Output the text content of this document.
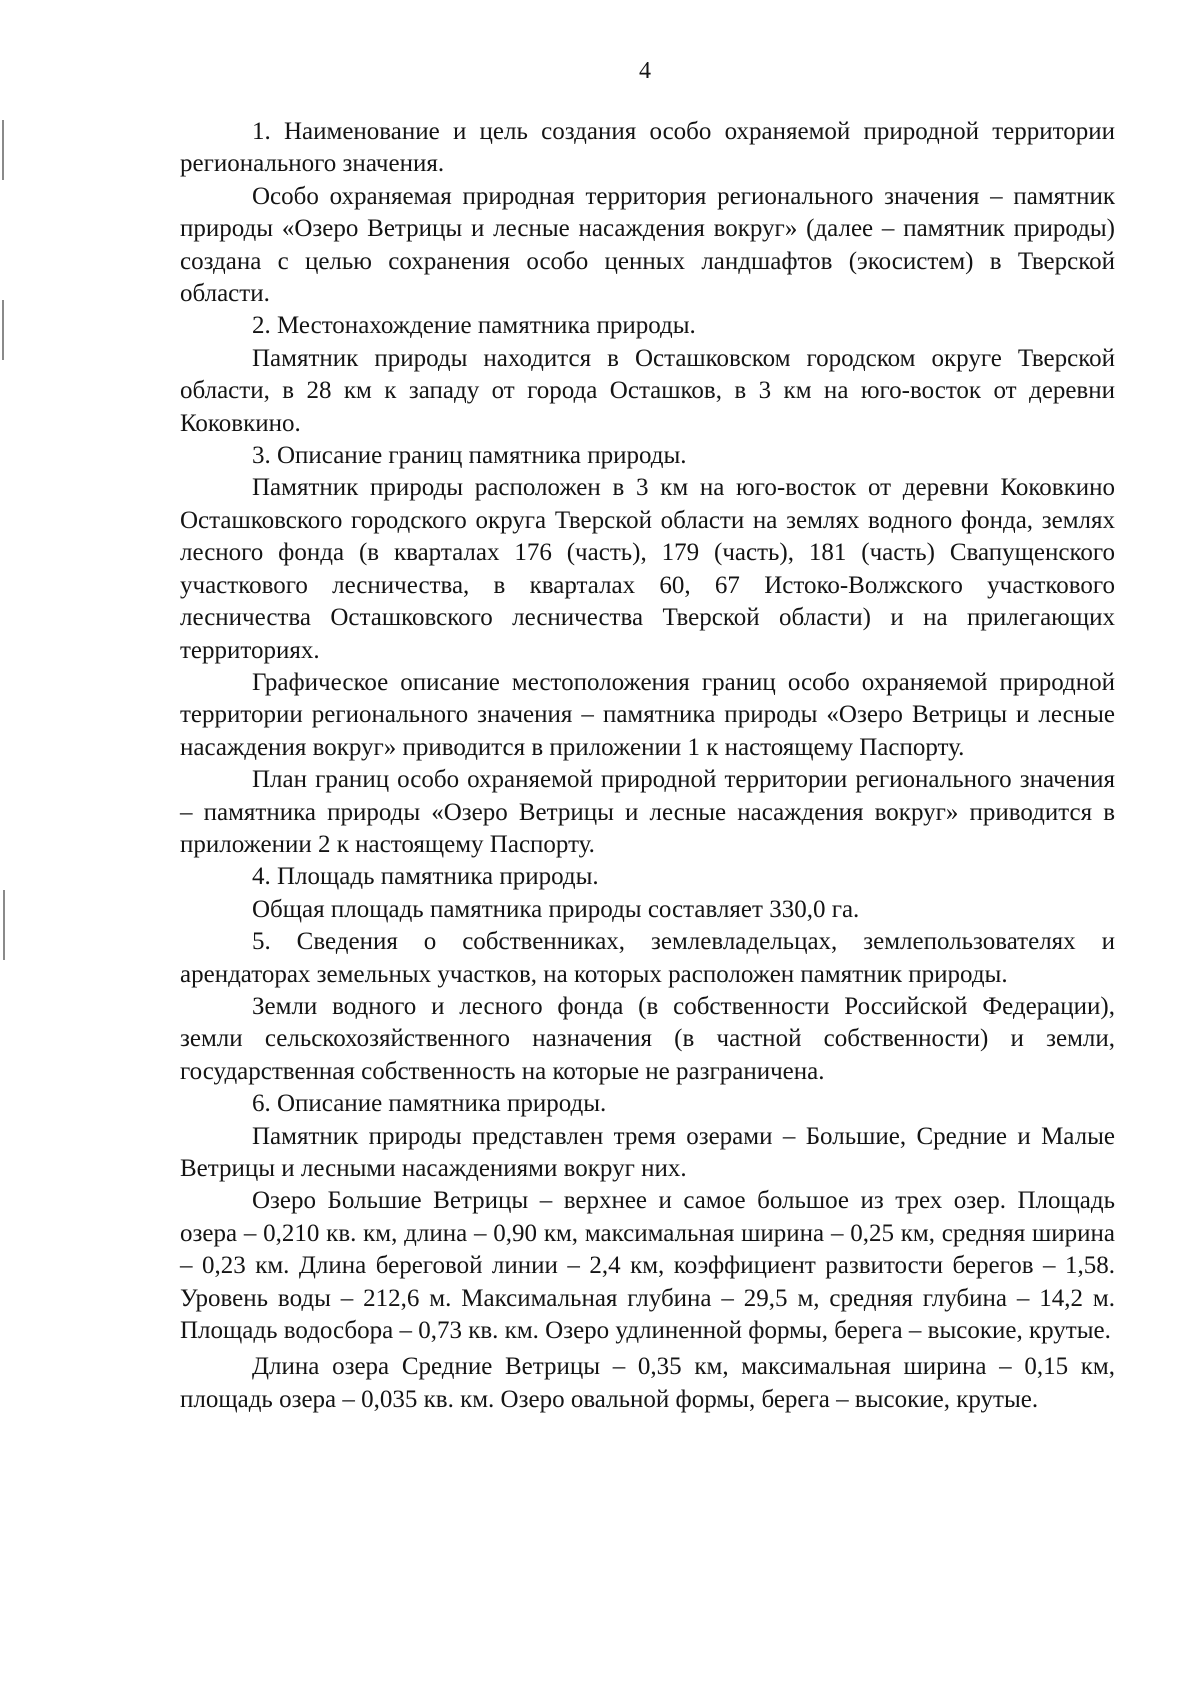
4

1. Наименование и цель создания особо охраняемой природной территории регионального значения.

Особо охраняемая природная территория регионального значения – памятник природы «Озеро Ветрицы и лесные насаждения вокруг» (далее – памятник природы) создана с целью сохранения особо ценных ландшафтов (экосистем) в Тверской области.

2. Местонахождение памятника природы.

Памятник природы находится в Осташковском городском округе Тверской области, в 28 км к западу от города Осташков, в 3 км на юго-восток от деревни Коковкино.

3. Описание границ памятника природы.

Памятник природы расположен в 3 км на юго-восток от деревни Коковкино Осташковского городского округа Тверской области на землях водного фонда, землях лесного фонда (в кварталах 176 (часть), 179 (часть), 181 (часть) Свапущенского участкового лесничества, в кварталах 60, 67 Истоко-Волжского участкового лесничества Осташковского лесничества Тверской области) и на прилегающих территориях.

Графическое описание местоположения границ особо охраняемой природной территории регионального значения – памятника природы «Озеро Ветрицы и лесные насаждения вокруг» приводится в приложении 1 к настоящему Паспорту.

План границ особо охраняемой природной территории регионального значения – памятника природы «Озеро Ветрицы и лесные насаждения вокруг» приводится в приложении 2 к настоящему Паспорту.

4. Площадь памятника природы.

Общая площадь памятника природы составляет 330,0 га.

5. Сведения о собственниках, землевладельцах, землепользователях и арендаторах земельных участков, на которых расположен памятник природы.

Земли водного и лесного фонда (в собственности Российской Федерации), земли сельскохозяйственного назначения (в частной собственности) и земли, государственная собственность на которые не разграничена.

6. Описание памятника природы.

Памятник природы представлен тремя озерами – Большие, Средние и Малые Ветрицы и лесными насаждениями вокруг них.

Озеро Большие Ветрицы – верхнее и самое большое из трех озер. Площадь озера – 0,210 кв. км, длина – 0,90 км, максимальная ширина – 0,25 км, средняя ширина – 0,23 км. Длина береговой линии – 2,4 км, коэффициент развитости берегов – 1,58. Уровень воды – 212,6 м. Максимальная глубина – 29,5 м, средняя глубина – 14,2 м. Площадь водосбора – 0,73 кв. км. Озеро удлиненной формы, берега – высокие, крутые.

Длина озера Средние Ветрицы – 0,35 км, максимальная ширина – 0,15 км, площадь озера – 0,035 кв. км. Озеро овальной формы, берега – высокие, крутые.
